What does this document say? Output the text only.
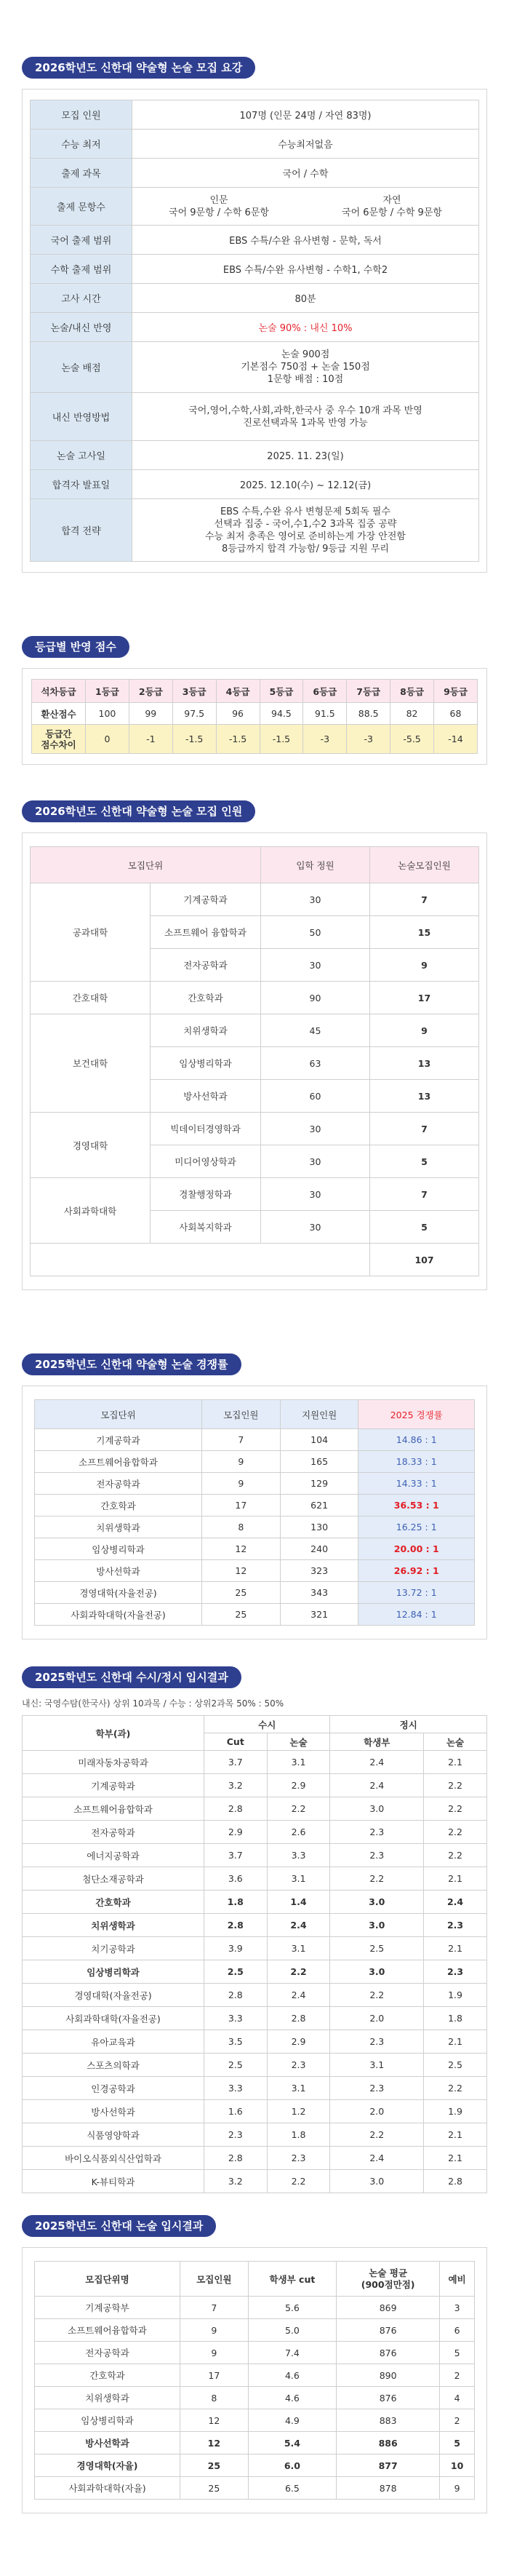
2026학년도 신한대 약술형 논술 모집 요강
모집 인원	107명 (인문 24명 / 자연 83명)
수능 최저	수능최저없음
출제 과목	국어 / 수학
출제 문항수	인문
국어 9문항 / 수학 6문항
자연
국어 6문항 / 수학 9문항

국어 출제 범위	EBS 수특/수완 유사변형 - 문학, 독서
수학 출제 범위	EBS 수특/수완 유사변형 - 수학1, 수학2
고사 시간	80분
논술/내신 반영	논술 90% : 내신 10%
논술 배점	논술 900점
기본점수 750점 + 논술 150점
1문항 배점 : 10점

내신 반영방법	국어,영어,수학,사회,과학,한국사 중 우수 10개 과목 반영
진로선택과목 1과목 반영 가능

논술 고사일	2025. 11. 23(일)
합격자 발표일	2025. 12.10(수) ~ 12.12(금)
합격 전략	EBS 수특,수완 유사 변형문제 5회독 필수
선택과 집중 - 국어,수1,수2 3과목 집중 공략
수능 최저 충족은 영어로 준비하는게 가장 안전함
8등급까지 합격 가능함/ 9등급 지원 무리
등급별 반영 점수
석차등급	1등급	2등급	3등급	4등급	5등급	6등급	7등급	8등급	9등급
환산점수	100	99	97.5	96	94.5	91.5	88.5	82	68

등급간
점수차이	0	-1	-1.5	-1.5	-1.5	-3	-3	-5.5	-14
2026학년도 신한대 약술형 논술 모집 인원
모집단위		입학 정원	논술모집인원
공과대학	기계공학과	30	7
	소프트웨어 융합학과	50	15
	전자공학과	30	9
간호대학	간호학과	90	17
보건대학	치위생학과	45	9
	임상병리학과	63	13
	방사선학과	60	13
경영대학	빅데이터경영학과	30	7
	미디어영상학과	30	5
사회과학대학	경찰행정학과	30	7
	사회복지학과	30	5
			107
2025학년도 신한대 약술형 논술 경쟁률
모집단위	모집인원	지원인원	2025 경쟁률
기계공학과	7	104	14.86 : 1
소프트웨어융합학과	9	165	18.33 : 1
전자공학과	9	129	14.33 : 1
간호학과	17	621	36.53 : 1
치위생학과	8	130	16.25 : 1
임상병리학과	12	240	20.00 : 1
방사선학과	12	323	26.92 : 1
경영대학(자율전공)	25	343	13.72 : 1
사회과학대학(자율전공)	25	321	12.84 : 1
2025학년도 신한대 수시/정시 입시결과
내신: 국영수탐(한국사) 상위 10과목 / 수능 : 상위2과목 50% : 50%
학부(과)	수시		정시	
	Cut	논술	학생부	논술
미래자동차공학과	3.7	3.1	2.4	2.1
기계공학과	3.2	2.9	2.4	2.2
소프트웨어융합학과	2.8	2.2	3.0	2.2
전자공학과	2.9	2.6	2.3	2.2
에너지공학과	3.7	3.3	2.3	2.2
첨단소재공학과	3.6	3.1	2.2	2.1
간호학과	1.8	1.4	3.0	2.4
치위생학과	2.8	2.4	3.0	2.3
치기공학과	3.9	3.1	2.5	2.1
임상병리학과	2.5	2.2	3.0	2.3
경영대학(자율전공)	2.8	2.4	2.2	1.9
사회과학대학(자율전공)	3.3	2.8	2.0	1.8
유아교육과	3.5	2.9	2.3	2.1
스포츠의학과	2.5	2.3	3.1	2.5
인경공학과	3.3	3.1	2.3	2.2
방사선학과	1.6	1.2	2.0	1.9
식품영양학과	2.3	1.8	2.2	2.1
바이오식품외식산업학과	2.8	2.3	2.4	2.1
K-뷰티학과	3.2	2.2	3.0	2.8
2025학년도 신한대 논술 입시결과
모집단위명	모집인원	학생부 cut	논술 평균
(900점만점)	예비
기계공학부	7	5.6	869	3
소프트웨어융합학과	9	5.0	876	6
전자공학과	9	7.4	876	5
간호학과	17	4.6	890	2
치위생학과	8	4.6	876	4
임상병리학과	12	4.9	883	2
방사선학과	12	5.4	886	5
경영대학(자율)	25	6.0	877	10
사회과학대학(자율)	25	6.5	878	9
